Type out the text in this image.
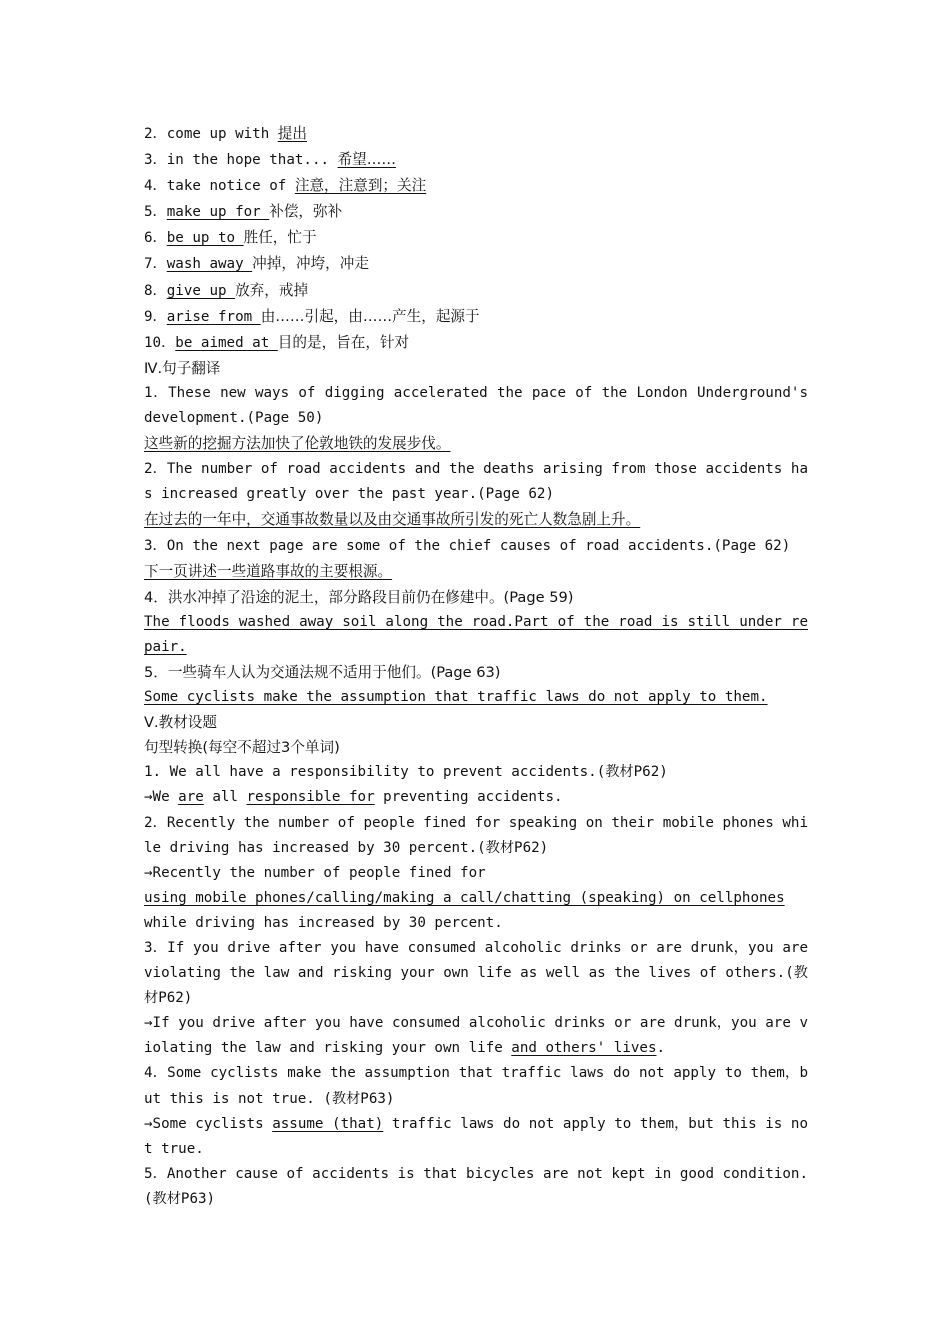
2．come up with 提出
3．in the hope that... 希望……
4．take notice of 注意，注意到；关注
5．make up for 补偿，弥补
6．be up to 胜任，忙于
7．wash away 冲掉，冲垮，冲走
8．give up 放弃，戒掉
9．arise from 由……引起，由……产生，起源于
10．be aimed at 目的是，旨在，针对
Ⅳ.句子翻译
1．These new ways of digging accelerated the pace of the London Underground's development.(Page 50)
这些新的挖掘方法加快了伦敦地铁的发展步伐。
2．The number of road accidents and the deaths arising from those accidents has increased greatly over the past year.(Page 62)
在过去的一年中，交通事故数量以及由交通事故所引发的死亡人数急剧上升。
3．On the next page are some of the chief causes of road accidents.(Page 62)
下一页讲述一些道路事故的主要根源。
4．洪水冲掉了沿途的泥土，部分路段目前仍在修建中。(Page 59)
The floods washed away soil along the road.Part of the road is still under repair.
5．一些骑车人认为交通法规不适用于他们。(Page 63)
Some cyclists make the assumption that traffic laws do not apply to them.
Ⅴ.教材设题
句型转换(每空不超过3个单词)
1. We all have a responsibility to prevent accidents.(教材P62)
→We are all responsible for preventing accidents.
2．Recently the number of people fined for speaking on their mobile phones while driving has increased by 30 percent.(教材P62)
→Recently the number of people fined for
using mobile phones/calling/making a call/chatting (speaking) on cellphones
while driving has increased by 30 percent.
3．If you drive after you have consumed alcoholic drinks or are drunk，you are violating the law and risking your own life as well as the lives of others.(教材P62)
→If you drive after you have consumed alcoholic drinks or are drunk，you are violating the law and risking your own life and others' lives.
4．Some cyclists make the assumption that traffic laws do not apply to them，but this is not true. (教材P63)
→Some cyclists assume (that) traffic laws do not apply to them，but this is not true.
5．Another cause of accidents is that bicycles are not kept in good condition.(教材P63)
